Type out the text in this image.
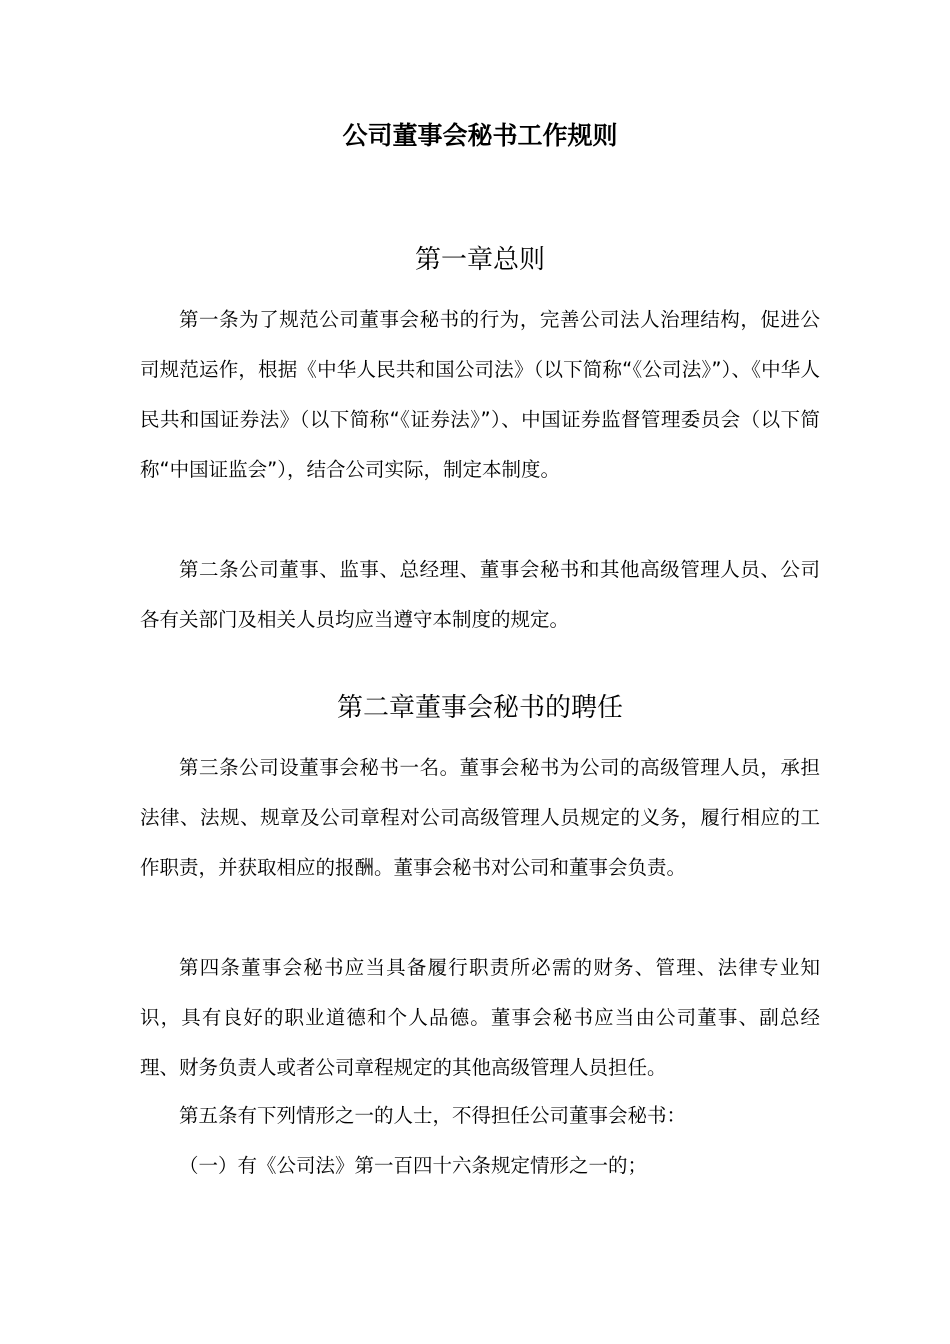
公司董事会秘书工作规则
第一章总则
第一条为了规范公司董事会秘书的行为，完善公司法人治理结构，促进公司规范运作，根据《中华人民共和国公司法》（以下简称“《公司法》”）、《中华人民共和国证券法》（以下简称“《证券法》”）、中国证券监督管理委员会（以下简称“中国证监会”），结合公司实际，制定本制度。
第二条公司董事、监事、总经理、董事会秘书和其他高级管理人员、公司各有关部门及相关人员均应当遵守本制度的规定。
第二章董事会秘书的聘任
第三条公司设董事会秘书一名。董事会秘书为公司的高级管理人员，承担法律、法规、规章及公司章程对公司高级管理人员规定的义务，履行相应的工作职责，并获取相应的报酬。董事会秘书对公司和董事会负责。
第四条董事会秘书应当具备履行职责所必需的财务、管理、法律专业知识，具有良好的职业道德和个人品德。董事会秘书应当由公司董事、副总经理、财务负责人或者公司章程规定的其他高级管理人员担任。
第五条有下列情形之一的人士，不得担任公司董事会秘书：
（一）有《公司法》第一百四十六条规定情形之一的；
